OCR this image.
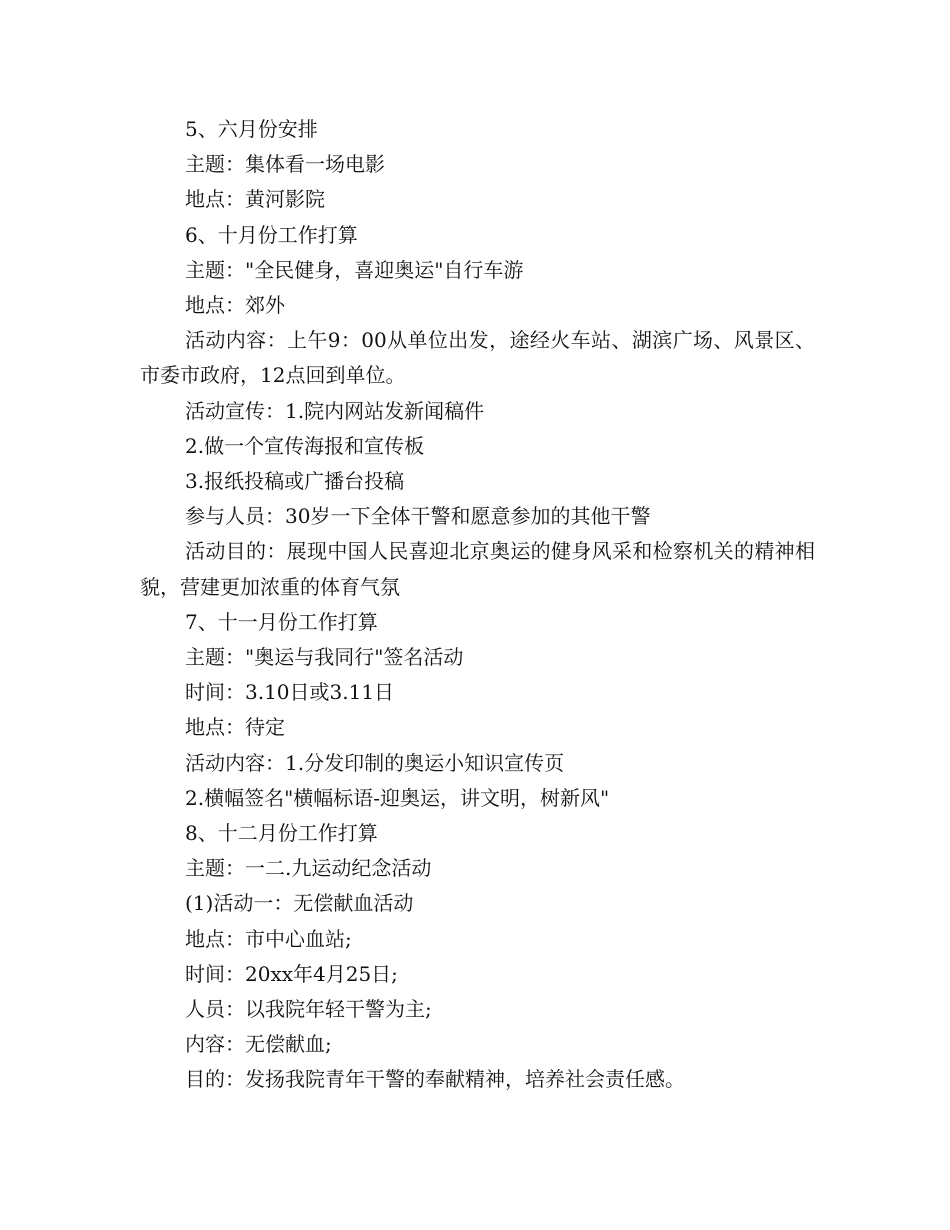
5、六月份安排

主题：集体看一场电影

地点：黄河影院

6、十月份工作打算

主题："全民健身，喜迎奥运"自行车游

地点：郊外

活动内容：上午9：00从单位出发，途经火车站、湖滨广场、风景区、市委市政府，12点回到单位。

活动宣传：1.院内网站发新闻稿件

2.做一个宣传海报和宣传板

3.报纸投稿或广播台投稿

参与人员：30岁一下全体干警和愿意参加的其他干警

活动目的：展现中国人民喜迎北京奥运的健身风采和检察机关的精神相貌，营建更加浓重的体育气氛

7、十一月份工作打算

主题："奥运与我同行"签名活动

时间：3.10日或3.11日

地点：待定

活动内容：1.分发印制的奥运小知识宣传页

2.横幅签名"横幅标语-迎奥运，讲文明，树新风"

8、十二月份工作打算

主题：一二.九运动纪念活动

(1)活动一：无偿献血活动

地点：市中心血站;

时间：20xx年4月25日;

人员：以我院年轻干警为主;

内容：无偿献血;

目的：发扬我院青年干警的奉献精神，培养社会责任感。
